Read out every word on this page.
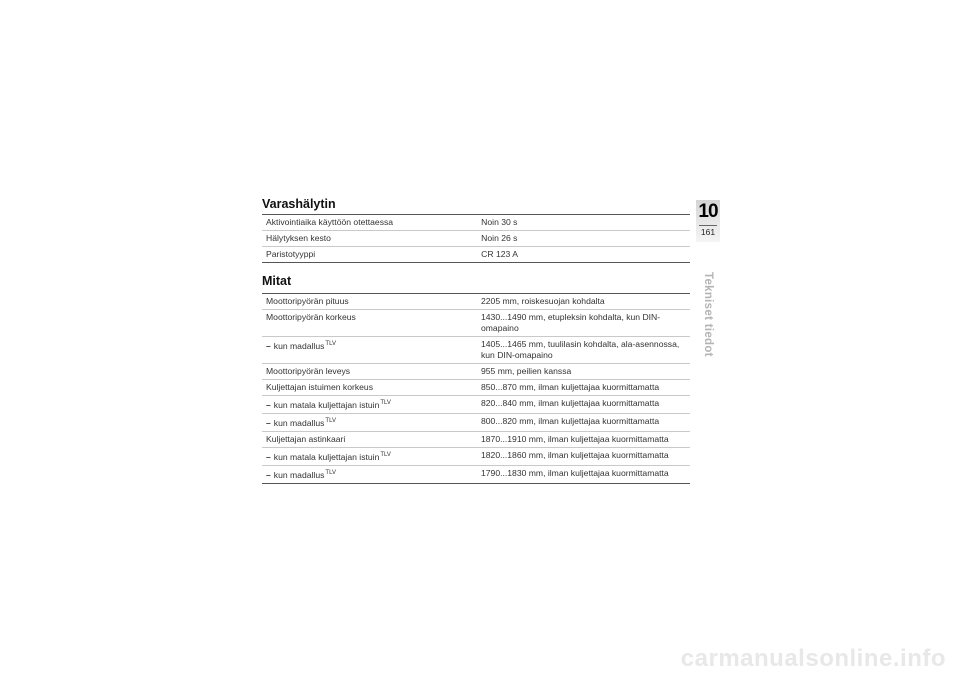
Varashälytin
Aktivointiaika käyttöön otettaessa	Noin 30 s
Hälytyksen kesto	Noin 26 s
Paristotyyppi	CR 123 A
Mitat
Moottoripyörän pituus	2205 mm, roiskesuojan kohdalta
Moottoripyörän korkeus	1430...1490 mm, etupleksin kohdalta, kun DIN-omapaino
– kun madallus$^{TLV}$	1405...1465 mm, tuulilasin kohdalta, ala-asennossa, kun DIN-omapaino
Moottoripyörän leveys	955 mm, peilien kanssa
Kuljettajan istuimen korkeus	850...870 mm, ilman kuljettajaa kuormittamatta
– kun matala kuljettajan istuin$^{TLV}$	820...840 mm, ilman kuljettajaa kuormittamatta
– kun madallus$^{TLV}$	800...820 mm, ilman kuljettajaa kuormittamatta
Kuljettajan astinkaari	1870...1910 mm, ilman kuljettajaa kuormittamatta
– kun matala kuljettajan istuin$^{TLV}$	1820...1860 mm, ilman kuljettajaa kuormittamatta
– kun madallus$^{TLV}$	1790...1830 mm, ilman kuljettajaa kuormittamatta
10
161
Tekniset tiedot
carmanualsonline.info
